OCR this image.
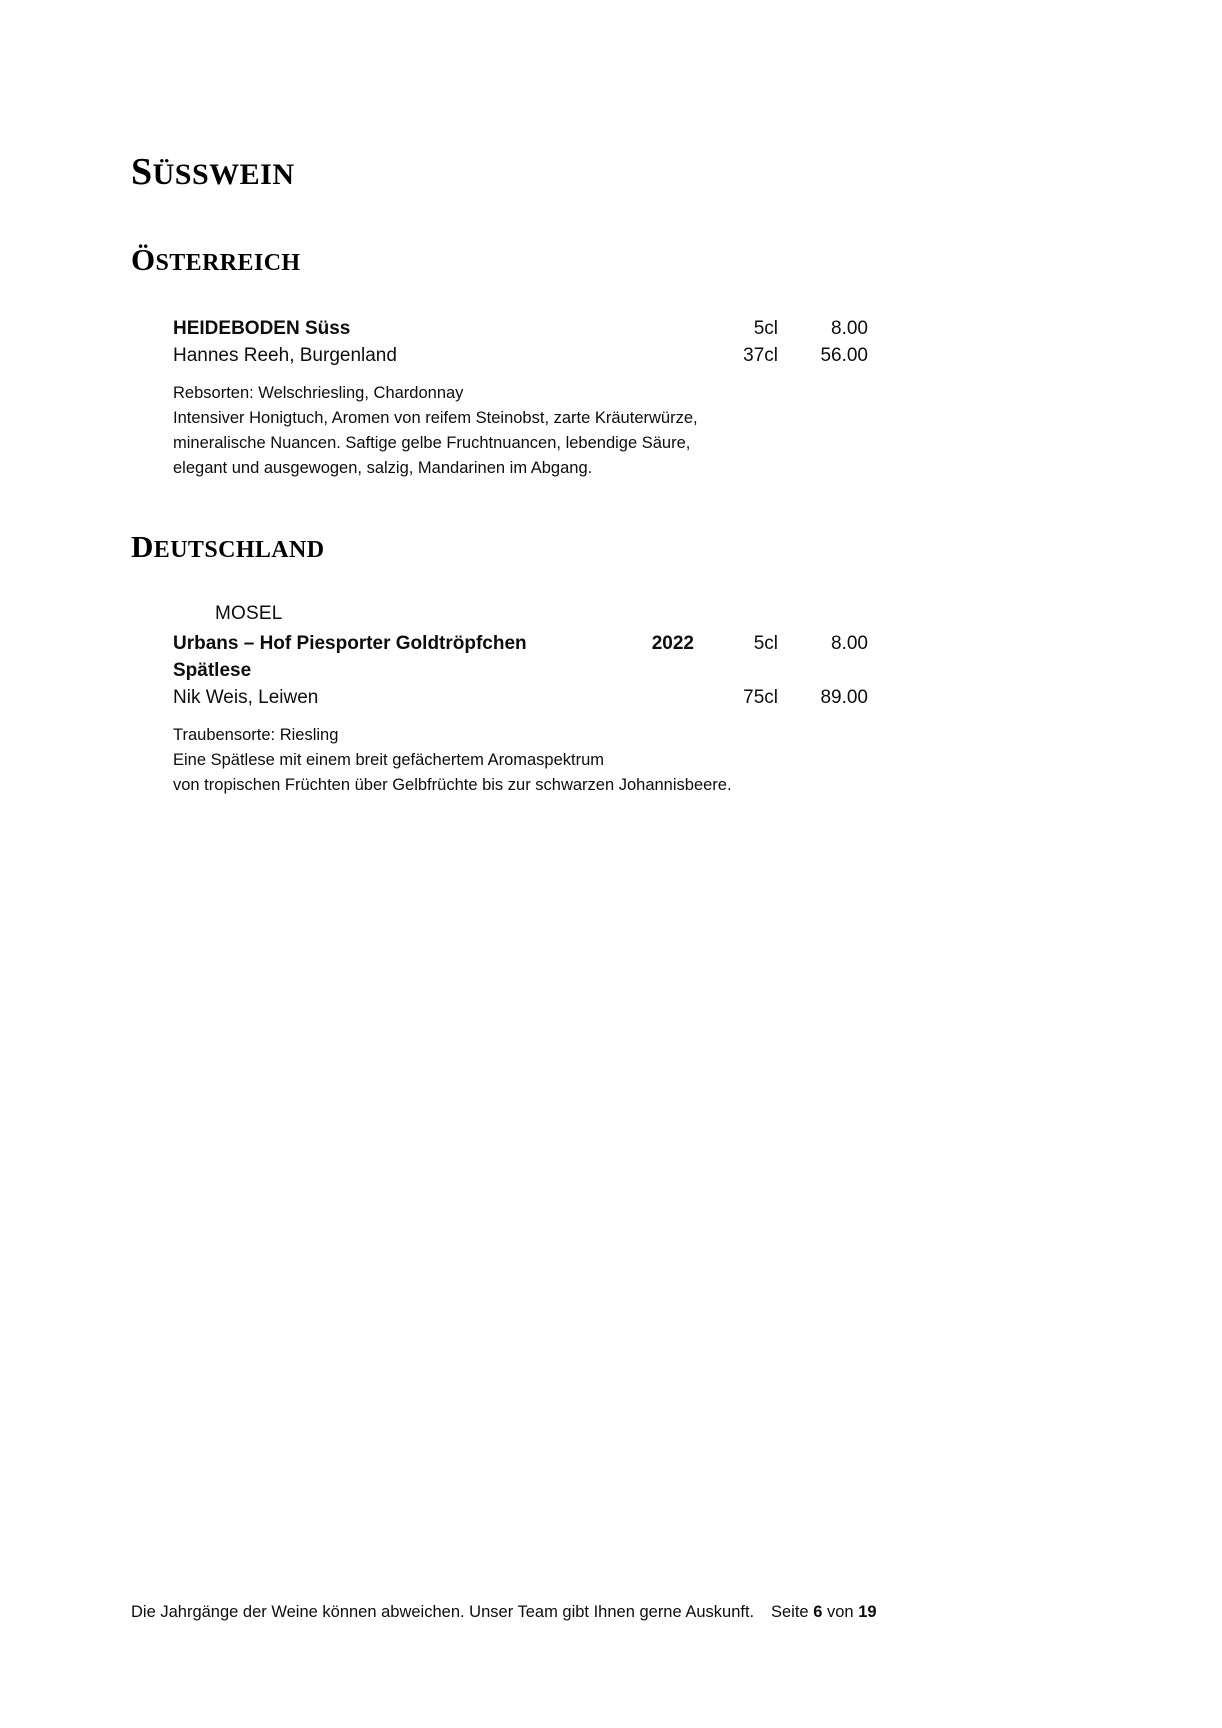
SÜSSWEIN
ÖSTERREICH
HEIDEBODEN Süss	5cl	8.00
Hannes Reeh, Burgenland	37cl	56.00
Rebsorten: Welschriesling, Chardonnay
Intensiver Honigtuch, Aromen von reifem Steinobst, zarte Kräuterwürze,
mineralische Nuancen. Saftige gelbe Fruchtnuancen, lebendige Säure,
elegant und ausgewogen, salzig, Mandarinen im Abgang.
DEUTSCHLAND
MOSEL
Urbans – Hof Piesporter Goldtröpfchen Spätlese
2022	5cl	8.00
Nik Weis, Leiwen	75cl	89.00
Traubensorte: Riesling
Eine Spätlese mit einem breit gefächertem Aromaspektrum
von tropischen Früchten über Gelbfrüchte bis zur schwarzen Johannisbeere.
Die Jahrgänge der Weine können abweichen. Unser Team gibt Ihnen gerne Auskunft.	Seite 6 von 19
